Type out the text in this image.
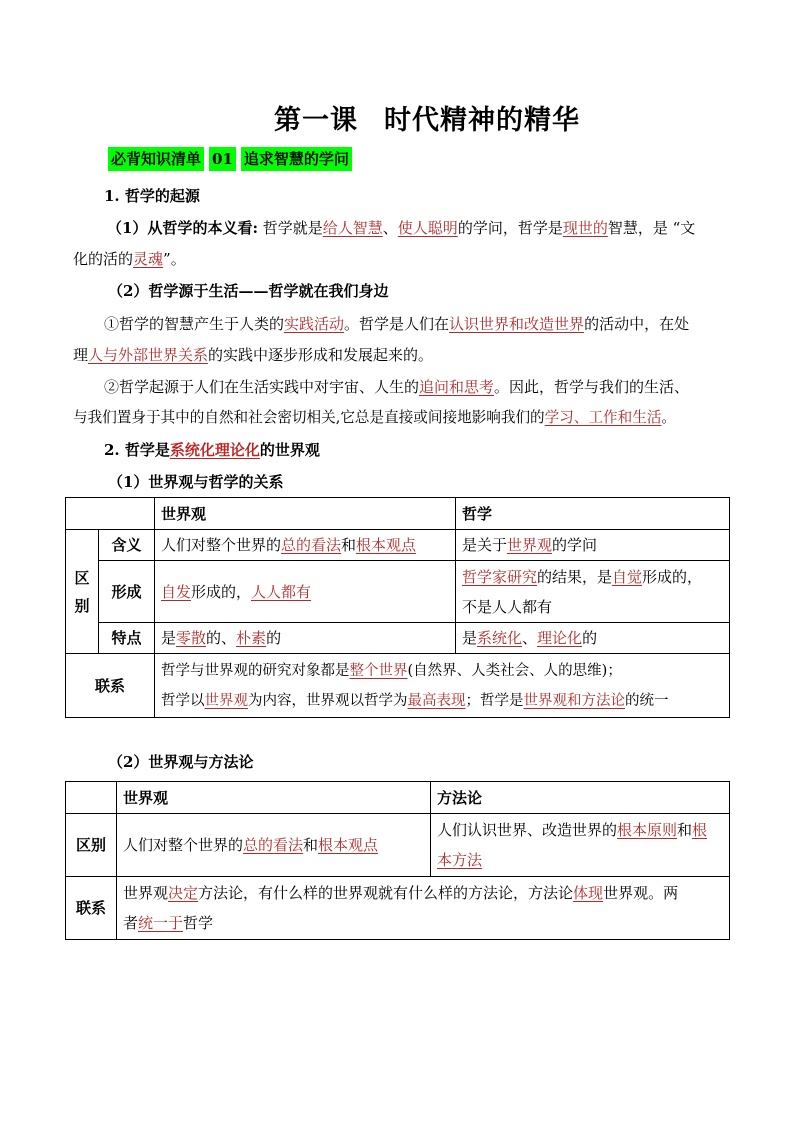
第一课 时代精神的精华
必背知识清单 01 追求智慧的学问
1. 哲学的起源
（1）从哲学的本义看: 哲学就是给人智慧、使人聪明的学问，哲学是现世的智慧，是 “文
化的活的灵魂”。
（2）哲学源于生活——哲学就在我们身边
①哲学的智慧产生于人类的实践活动。哲学是人们在认识世界和改造世界的活动中，在处
理人与外部世界关系的实践中逐步形成和发展起来的。
②哲学起源于人们在生活实践中对宇宙、人生的追问和思考。因此，哲学与我们的生活、
与我们置身于其中的自然和社会密切相关,它总是直接或间接地影响我们的学习、工作和生活。
2. 哲学是系统化理论化的世界观
（1）世界观与哲学的关系
		世界观	哲学
区别	含义	人们对整个世界的总的看法和根本观点	是关于世界观的学问
	形成	自发形成的，人人都有	哲学家研究的结果，是自觉形成的，
不是人人都有
	特点	是零散的、朴素的	是系统化、理论化的
联系		哲学与世界观的研究对象都是整个世界(自然界、人类社会、人的思维)；
哲学以世界观为内容，世界观以哲学为最高表现；哲学是世界观和方法论的统一	
（2）世界观与方法论
	世界观	方法论
区别	人们对整个世界的总的看法和根本观点	人们认识世界、改造世界的根本原则和根
本方法
联系	世界观决定方法论，有什么样的世界观就有什么样的方法论，方法论体现世界观。两
者统一于哲学	
